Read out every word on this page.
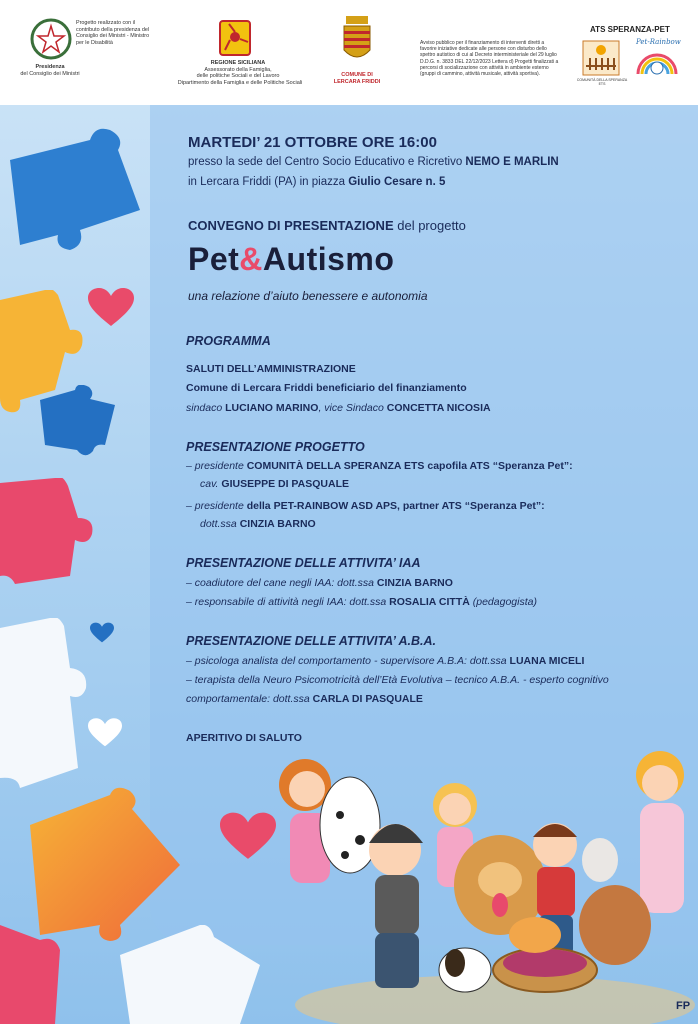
Progetto realizzato con il contributo della presidenza del Consiglio dei Ministri - Ministro per le Disabilità
Presidenza
del Consiglio dei Ministri
REGIONE SICILIANA
Assessorato della Famiglia,
delle politiche Sociali e del Lavoro
Dipartimento della Famiglia e delle Politiche Sociali
COMUNE DI
LERCARA FRIDDI
Avviso pubblico per il finanziamento di interventi diretti a favorire iniziative dedicate alle persone con disturbo dello spettro autistico di cui al Decreto interministeriale del 29 luglio D.D.G. n. 3833 DEL 22/12/2023 Lettera d) Progetti finalizzati a percorsi di socializzazione con attività in ambiente esterno (gruppi di cammino, attività musicale, attività sportiva).
ATS SPERANZA-PET
COMUNITÀ DELLA SPERANZA ETS
Pet-Rainbow
MARTEDI’ 21 OTTOBRE ORE 16:00
presso la sede del Centro Socio Educativo e Ricretivo NEMO E MARLIN
in Lercara Friddi (PA) in piazza Giulio Cesare n. 5
CONVEGNO DI PRESENTAZIONE del progetto
Pet&Autismo
una relazione d’aiuto benessere e autonomia
PROGRAMMA
SALUTI DELL’AMMINISTRAZIONE
Comune di Lercara Friddi beneficiario del finanziamento
sindaco LUCIANO MARINO, vice Sindaco CONCETTA NICOSIA
PRESENTAZIONE PROGETTO
– presidente COMUNITÀ DELLA SPERANZA ETS capofila ATS “Speranza Pet”:
cav. GIUSEPPE DI PASQUALE
– presidente della PET-RAINBOW ASD APS, partner ATS “Speranza Pet”:
dott.ssa CINZIA BARNO
PRESENTAZIONE DELLE ATTIVITA’ IAA
– coadiutore del cane negli IAA: dott.ssa CINZIA BARNO
– responsabile di attività negli IAA: dott.ssa ROSALIA CITTÀ (pedagogista)
PRESENTAZIONE DELLE ATTIVITA’ A.B.A.
– psicologa analista del comportamento - supervisore A.B.A: dott.ssa LUANA MICELI
– terapista della Neuro Psicomotricità dell’Età Evolutiva – tecnico A.B.A. - esperto cognitivo
comportamentale: dott.ssa CARLA DI PASQUALE
APERITIVO DI SALUTO
FP
